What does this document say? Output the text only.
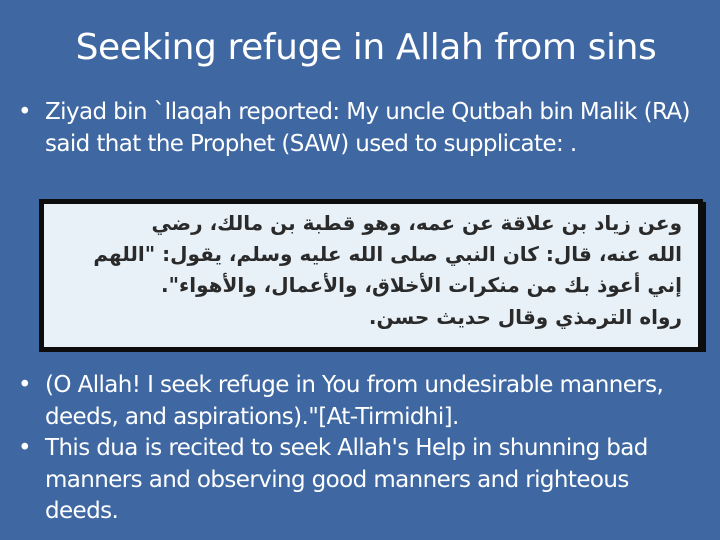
Seeking refuge in Allah from sins

• Ziyad bin `Ilaqah reported: My uncle Qutbah bin Malik (RA) said that the Prophet (SAW) used to supplicate: .

وعن زياد بن علاقة عن عمه، وهو قطبة بن مالك، رضي
الله عنه، قال: كان النبي صلى الله عليه وسلم، يقول: "اللهم
إني أعوذ بك من منكرات الأخلاق، والأعمال، والأهواء".
رواه الترمذي وقال حديث حسن.

• (O Allah! I seek refuge in You from undesirable manners, deeds, and aspirations)."[At-Tirmidhi].

• This dua is recited to seek Allah's Help in shunning bad manners and observing good manners and righteous deeds.
